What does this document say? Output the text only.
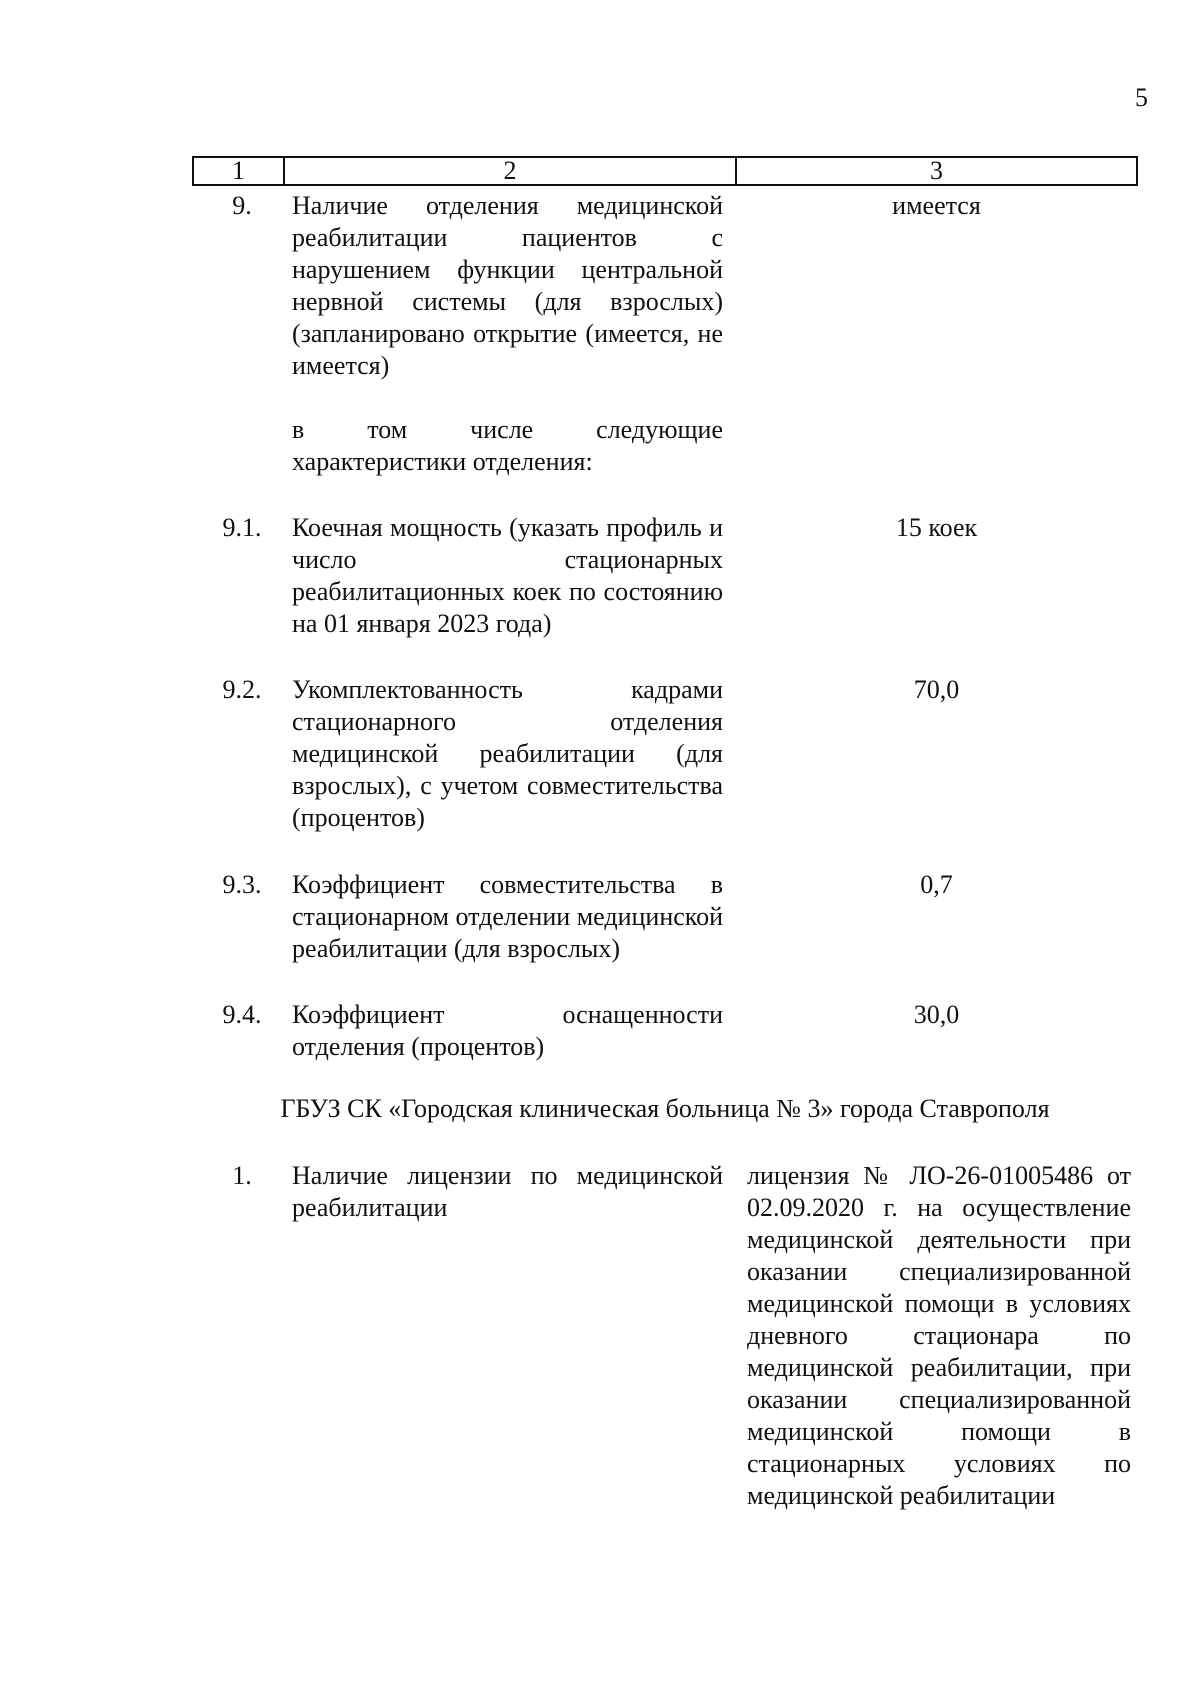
5
1	2	3
9.	Наличие отделения медицинской реабилитации пациентов с нарушением функции центральной нервной системы (для взрослых) (запланировано открытие (имеется, не имеется)
в том числе следующие характеристики отделения:
имеется
9.1.	Коечная мощность (указать профиль и число стационарных реабилитационных коек по состоянию на 01 января 2023 года)
15 коек
9.2.	Укомплектованность кадрами стационарного отделения медицинской реабилитации (для взрослых), с учетом совместительства (процентов)
70,0
9.3.	Коэффициент совместительства в стационарном отделении медицинской реабилитации (для взрослых)
0,7
9.4.	Коэффициент оснащенности отделения (процентов)
30,0
ГБУЗ СК «Городская клиническая больница № 3» города Ставрополя
1.	Наличие лицензии по медицинской реабилитации
лицензия № ЛО-26-01005486 от 02.09.2020 г. на осуществление медицинской деятельности при оказании специализированной медицинской помощи в условиях дневного стационара по медицинской реабилитации, при оказании специализированной медицинской помощи в стационарных условиях по медицинской реабилитации
